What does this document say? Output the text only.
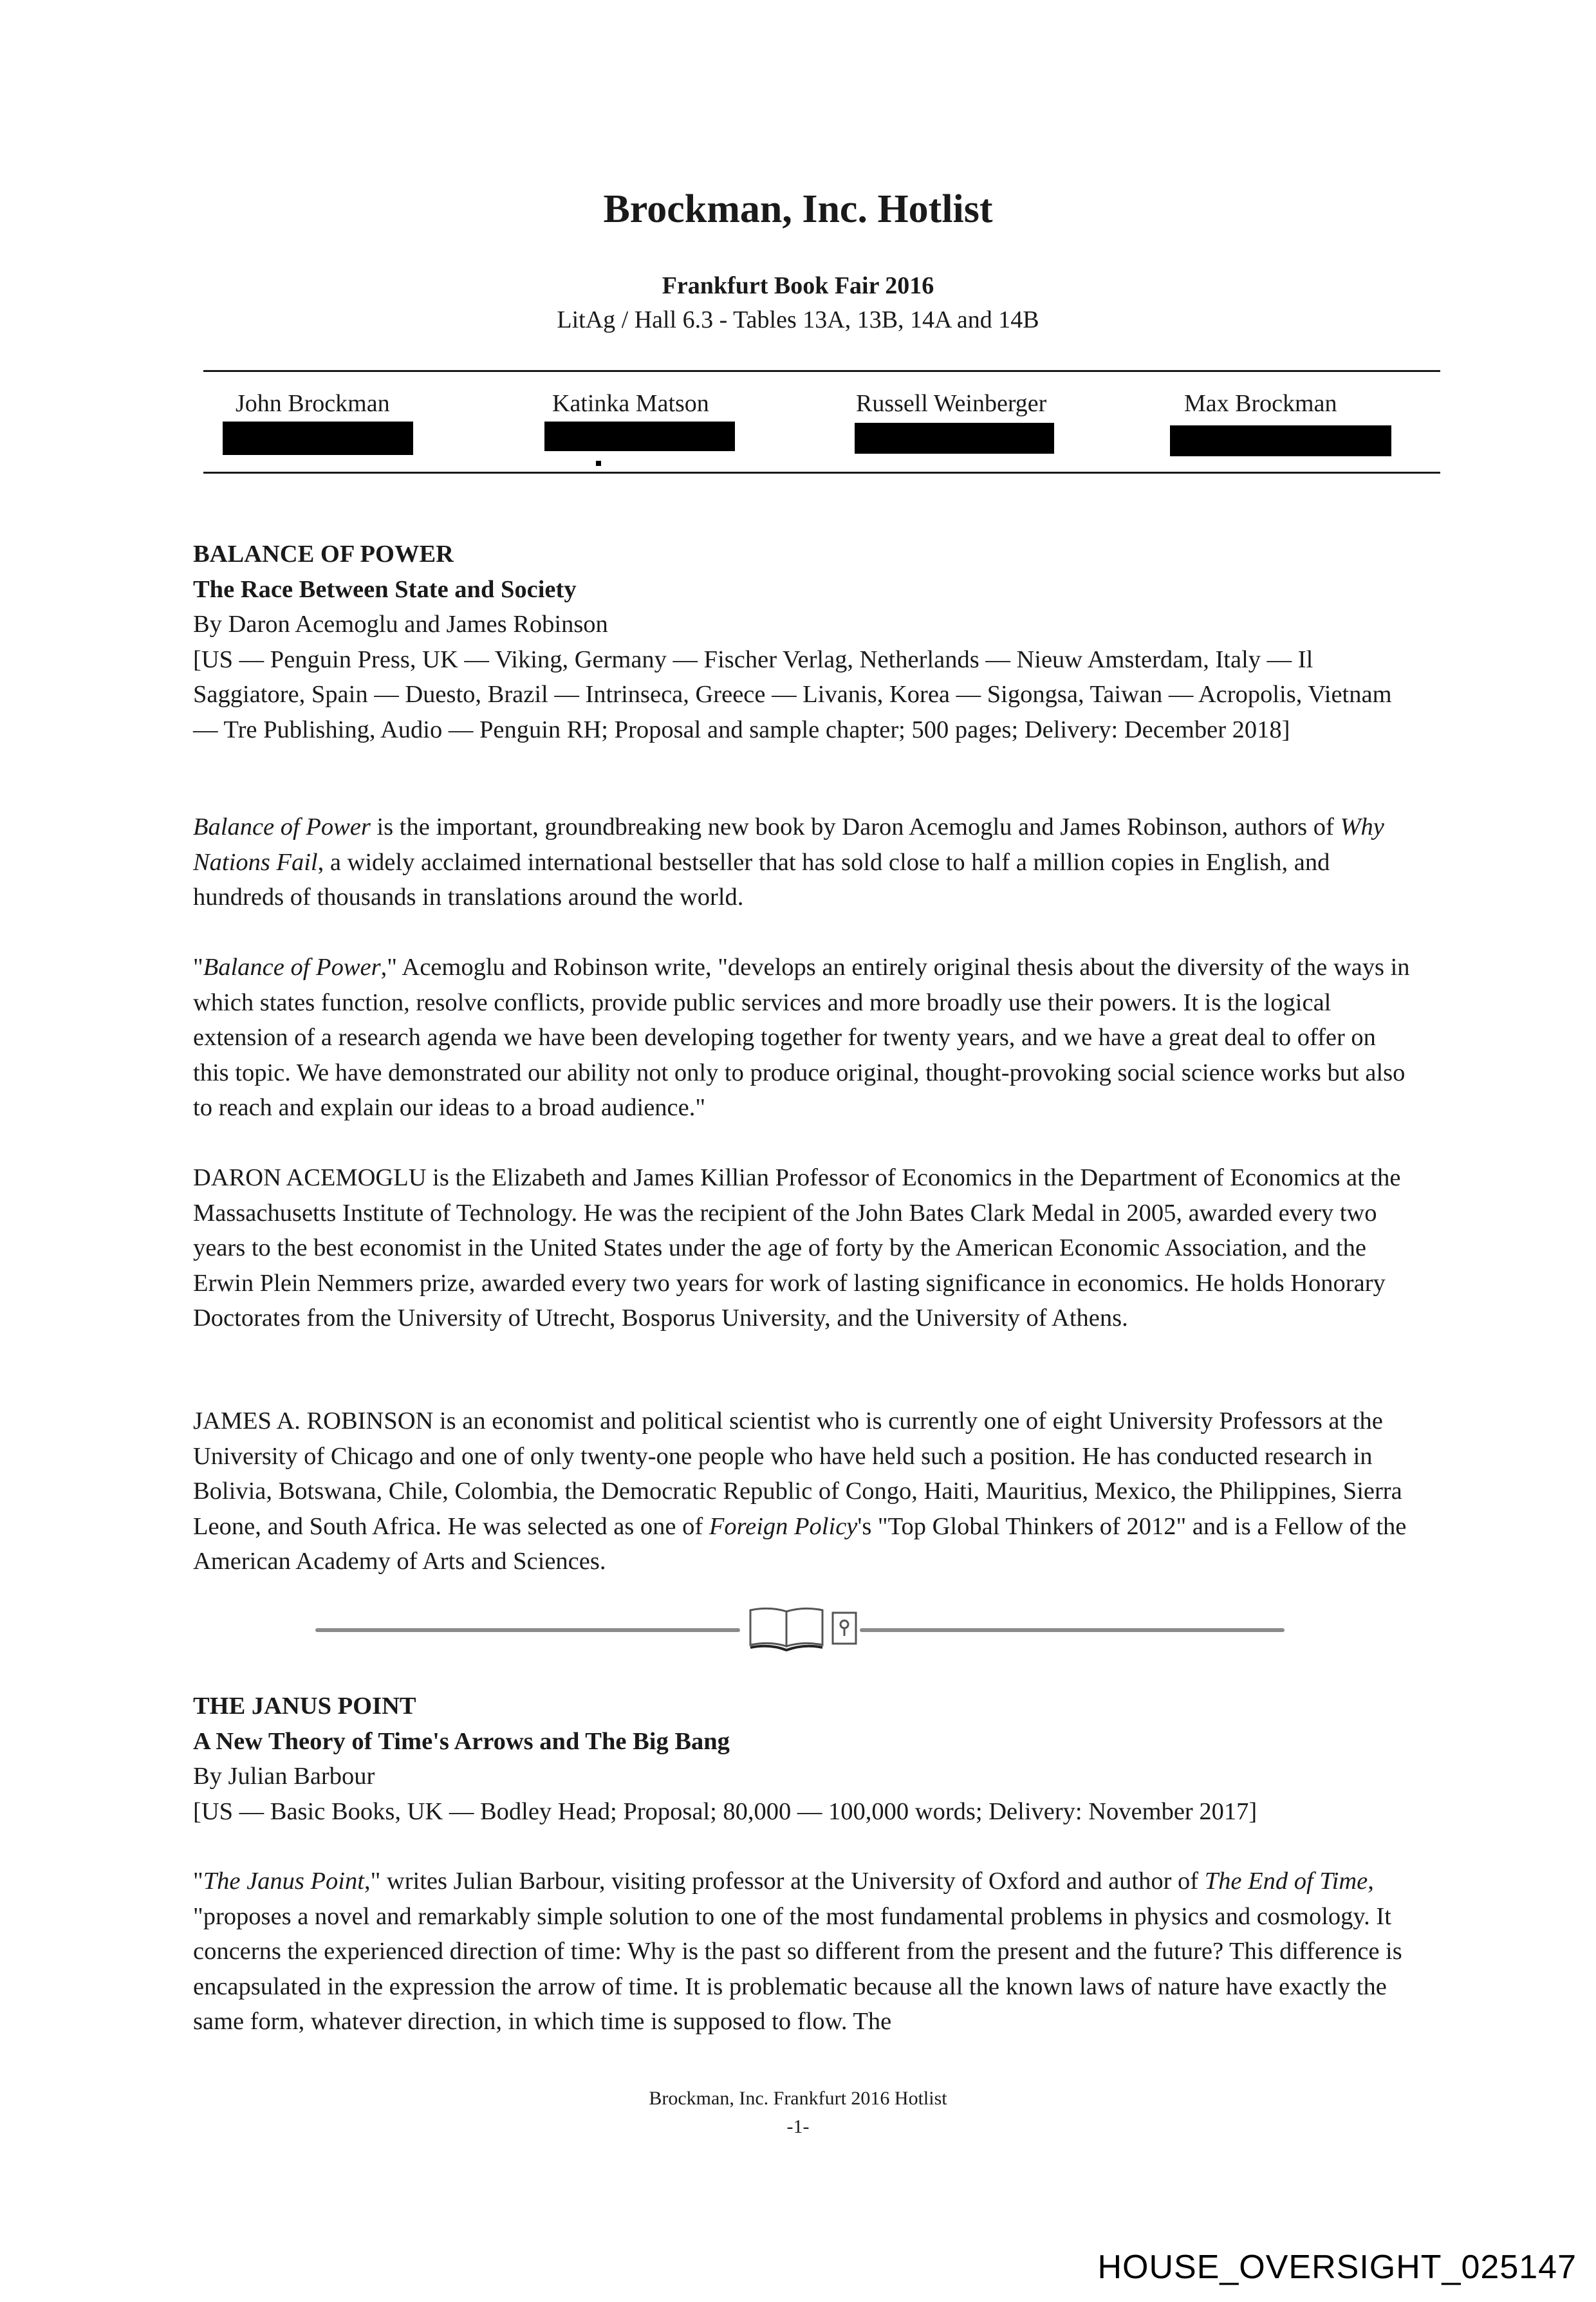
Brockman, Inc. Hotlist
Frankfurt Book Fair 2016
LitAg / Hall 6.3 - Tables 13A, 13B, 14A and 14B
John Brockman	Katinka Matson	Russell Weinberger	Max Brockman

BALANCE OF POWER

The Race Between State and Society

By Daron Acemoglu and James Robinson

[US — Penguin Press, UK — Viking, Germany — Fischer Verlag, Netherlands — Nieuw Amsterdam, Italy — Il Saggiatore, Spain — Duesto, Brazil — Intrinseca, Greece — Livanis, Korea — Sigongsa, Taiwan — Acropolis, Vietnam — Tre Publishing, Audio — Penguin RH; Proposal and sample chapter; 500 pages; Delivery: December 2018]

Balance of Power is the important, groundbreaking new book by Daron Acemoglu and James Robinson, authors of Why Nations Fail, a widely acclaimed international bestseller that has sold close to half a million copies in English, and hundreds of thousands in translations around the world.

"Balance of Power," Acemoglu and Robinson write, "develops an entirely original thesis about the diversity of the ways in which states function, resolve conflicts, provide public services and more broadly use their powers. It is the logical extension of a research agenda we have been developing together for twenty years, and we have a great deal to offer on this topic. We have demonstrated our ability not only to produce original, thought-provoking social science works but also to reach and explain our ideas to a broad audience."

DARON ACEMOGLU is the Elizabeth and James Killian Professor of Economics in the Department of Economics at the Massachusetts Institute of Technology. He was the recipient of the John Bates Clark Medal in 2005, awarded every two years to the best economist in the United States under the age of forty by the American Economic Association, and the Erwin Plein Nemmers prize, awarded every two years for work of lasting significance in economics. He holds Honorary Doctorates from the University of Utrecht, Bosporus University, and the University of Athens.

JAMES A. ROBINSON is an economist and political scientist who is currently one of eight University Professors at the University of Chicago and one of only twenty-one people who have held such a position. He has conducted research in Bolivia, Botswana, Chile, Colombia, the Democratic Republic of Congo, Haiti, Mauritius, Mexico, the Philippines, Sierra Leone, and South Africa. He was selected as one of Foreign Policy's "Top Global Thinkers of 2012" and is a Fellow of the American Academy of Arts and Sciences.

THE JANUS POINT

A New Theory of Time's Arrows and The Big Bang

By Julian Barbour

[US — Basic Books, UK — Bodley Head; Proposal; 80,000 — 100,000 words; Delivery: November 2017]

"The Janus Point," writes Julian Barbour, visiting professor at the University of Oxford and author of The End of Time, "proposes a novel and remarkably simple solution to one of the most fundamental problems in physics and cosmology. It concerns the experienced direction of time: Why is the past so different from the present and the future? This difference is encapsulated in the expression the arrow of time. It is problematic because all the known laws of nature have exactly the same form, whatever direction, in which time is supposed to flow. The

Brockman, Inc. Frankfurt 2016 Hotlist
-1-
HOUSE_OVERSIGHT_025147
